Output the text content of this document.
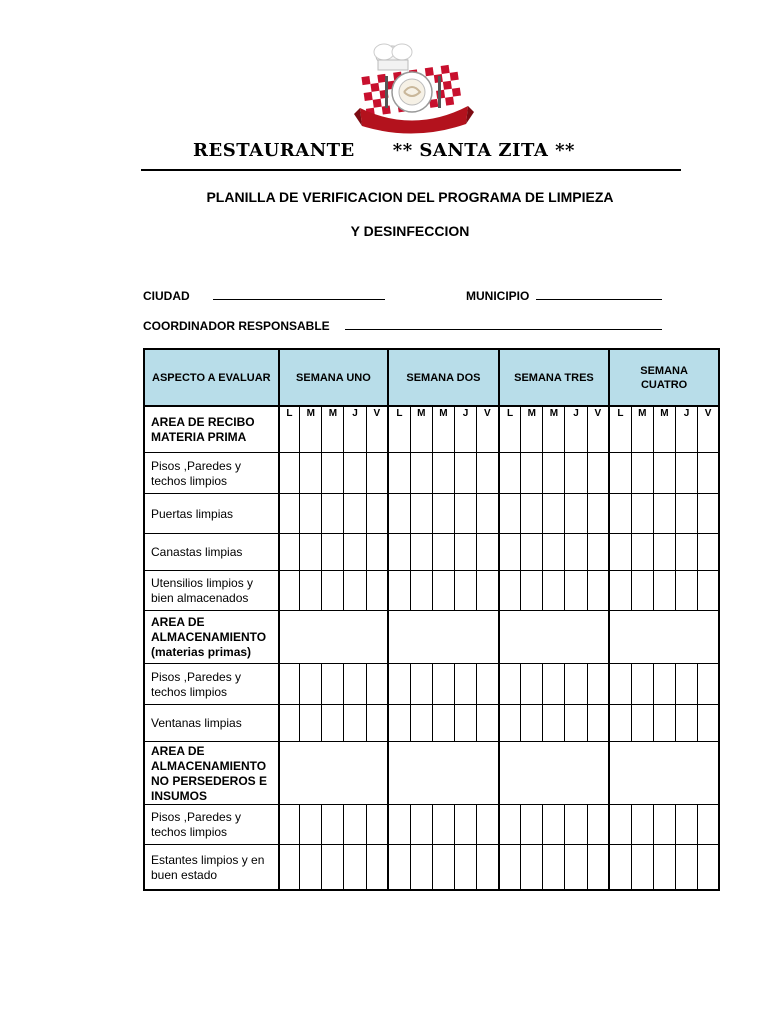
RESTAURANTE ** SANTA ZITA **
PLANILLA DE VERIFICACION DEL PROGRAMA DE LIMPIEZA
Y DESINFECCION
CIUDAD	MUNICIPIO
COORDINADOR RESPONSABLE
ASPECTO A EVALUAR	SEMANA UNO					SEMANA DOS					SEMANA TRES					SEMANA CUATRO				
AREA DE RECIBO MATERIA PRIMA	L	M	M	J	V	L	M	M	J	V	L	M	M	J	V	L	M	M	J	V
Pisos ,Paredes y techos limpios																				
Puertas limpias																				
Canastas limpias																				
Utensilios limpios y bien almacenados																				
AREA DE ALMACENAMIENTO (materias primas)																				
Pisos ,Paredes y techos limpios																				
Ventanas limpias																				
AREA DE ALMACENAMIENTO NO PERSEDEROS E INSUMOS																				
Pisos ,Paredes y techos limpios																				
Estantes limpios y en buen estado																				
